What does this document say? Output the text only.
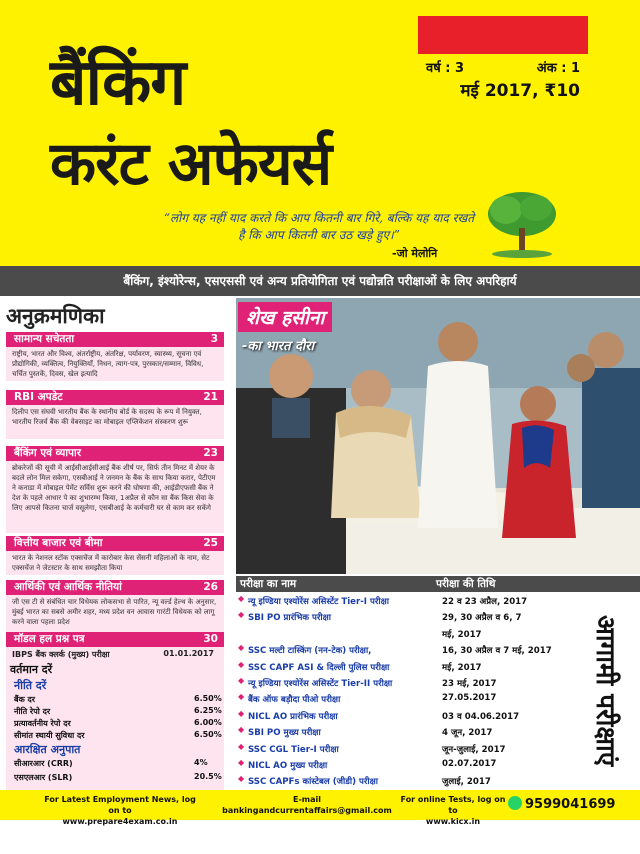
बैंकिंग
करंट अफेयर्स
वर्ष : 3	अंक : 1
मई 2017, ₹10
“लोग यह नहीं याद करते कि आप कितनी बार गिरे, बल्कि यह याद रखते है कि आप कितनी बार उठ खड़े हुए।”
-जो मेलोनि
बैंकिंग, इंश्योरेन्स, एसएससी एवं अन्य प्रतियोगिता एवं पद्योन्नति परीक्षाओं के लिए अपरिहार्य
अनुक्रमणिका
सामान्य सचेतता	3
राष्ट्रीय, भारत और विश्व, अंतर्राष्ट्रीय, अंतरिक्ष, पर्यावरण, स्वास्थ्य, सूचना एवं प्रौद्योगिकी, व्यक्तित्व, नियुक्तियाँ, निधन, त्याग-पत्र, पुरस्कार/सम्मान, विविध, चर्चित पुस्तकें, दिवस, खेल इत्यादि
RBI अपडेट	21
दिलीप एस संघवी भारतीय बैंक के स्थानीय बोर्ड के सदस्य के रूप में नियुक्त, भारतीय रिजर्व बैंक की वेबसाइट का मोबाइल एप्लिकेशन संस्करण शुरू
बैंकिंग एवं व्यापार	23
ब्रोकरेजों की सूची में आईसीआईसीआई बैंक शीर्ष पर, सिर्फ तीन मिनट में शेयर के बदले लोन मिल सकेगा, एसबीआई ने जनमन के बैंक के साथ किया करार, पेटीएम ने कनाडा में मोबाइल पेमेंट सर्विस शुरू करने की घोषणा की, आईडीएफसी बैंक ने देश के पहले आधार पे का शुभारम्भ किया, 1अप्रैल से कौन सा बैंक किस सेवा के लिए आपसे कितना चार्ज वसूलेगा, एसबीआई के कर्मचारी घर से काम कर सकेंगे
वित्तीय बाजार एवं बीमा	25
भारत के नेशनल स्टॉक एक्सचेंज में कारोबार केस सेंसनी महिलाओं के नाम, सेट एक्सचेंज ने जेटस्टार के साथ समझौता किया
आर्थिकी एवं आर्थिक नीतियां	26
जी एस टी से संबंधित चार विधेयक लोकसभा से पारित, न्यू वर्ल्ड हेल्थ के अनुसार, मुंबई भारत का सबसे अमीर शहर, मध्य प्रदेश वन आवास गारंटी विधेयक को लागू करने वाला पहला प्रदेश
मॉडल हल प्रश्न पत्र	30
IBPS बैंक क्लर्क (मुख्य) परीक्षा	01.01.2017
वर्तमान दरें
नीति दरें
बैंक दर	6.50%
नीति रेपो दर	6.25%
प्रत्यावर्तनीय रेपो दर	6.00%
सीमांत स्थायी सुविधा दर	6.50%
आरक्षित अनुपात
सीआरआर (CRR)	4%
एसएलआर (SLR)	20.5%
शेख हसीना
-का भारत दौरा
परीक्षा का नाम	परीक्षा की तिथि
◆ न्यू इण्डिया एश्योरेंस असिस्टेंट Tier-I परीक्षा	22 व 23 अप्रैल, 2017
◆ SBI PO प्रारंभिक परीक्षा	29, 30 अप्रैल व 6, 7
मई, 2017
◆ SSC मल्टी टास्किंग (नन-टेक) परीक्षा,	16, 30 अप्रैल व 7 मई, 2017
◆ SSC CAPF ASI & दिल्ली पुलिस परीक्षा	मई, 2017
◆ न्यू इण्डिया एश्योरेंस असिस्टेंट Tier-II परीक्षा	23 मई, 2017
◆ बैंक ऑफ बड़ौदा पीओ परीक्षा	27.05.2017
◆ NICL AO प्रारंभिक परीक्षा	03 व 04.06.2017
◆ SBI PO मुख्य परीक्षा	4 जून, 2017
◆ SSC CGL Tier-I परीक्षा	जून-जुलाई, 2017
◆ NICL AO मुख्य परीक्षा	02.07.2017
◆ SSC CAPFs कांस्टेबल (जीडी) परीक्षा	जुलाई, 2017
आगामी परीक्षाएं
For Latest Employment News, log on to
www.prepare4exam.co.in
E-mail
bankingandcurrentaffairs@gmail.com
For online Tests, log on to
www.kicx.in
9599041699
